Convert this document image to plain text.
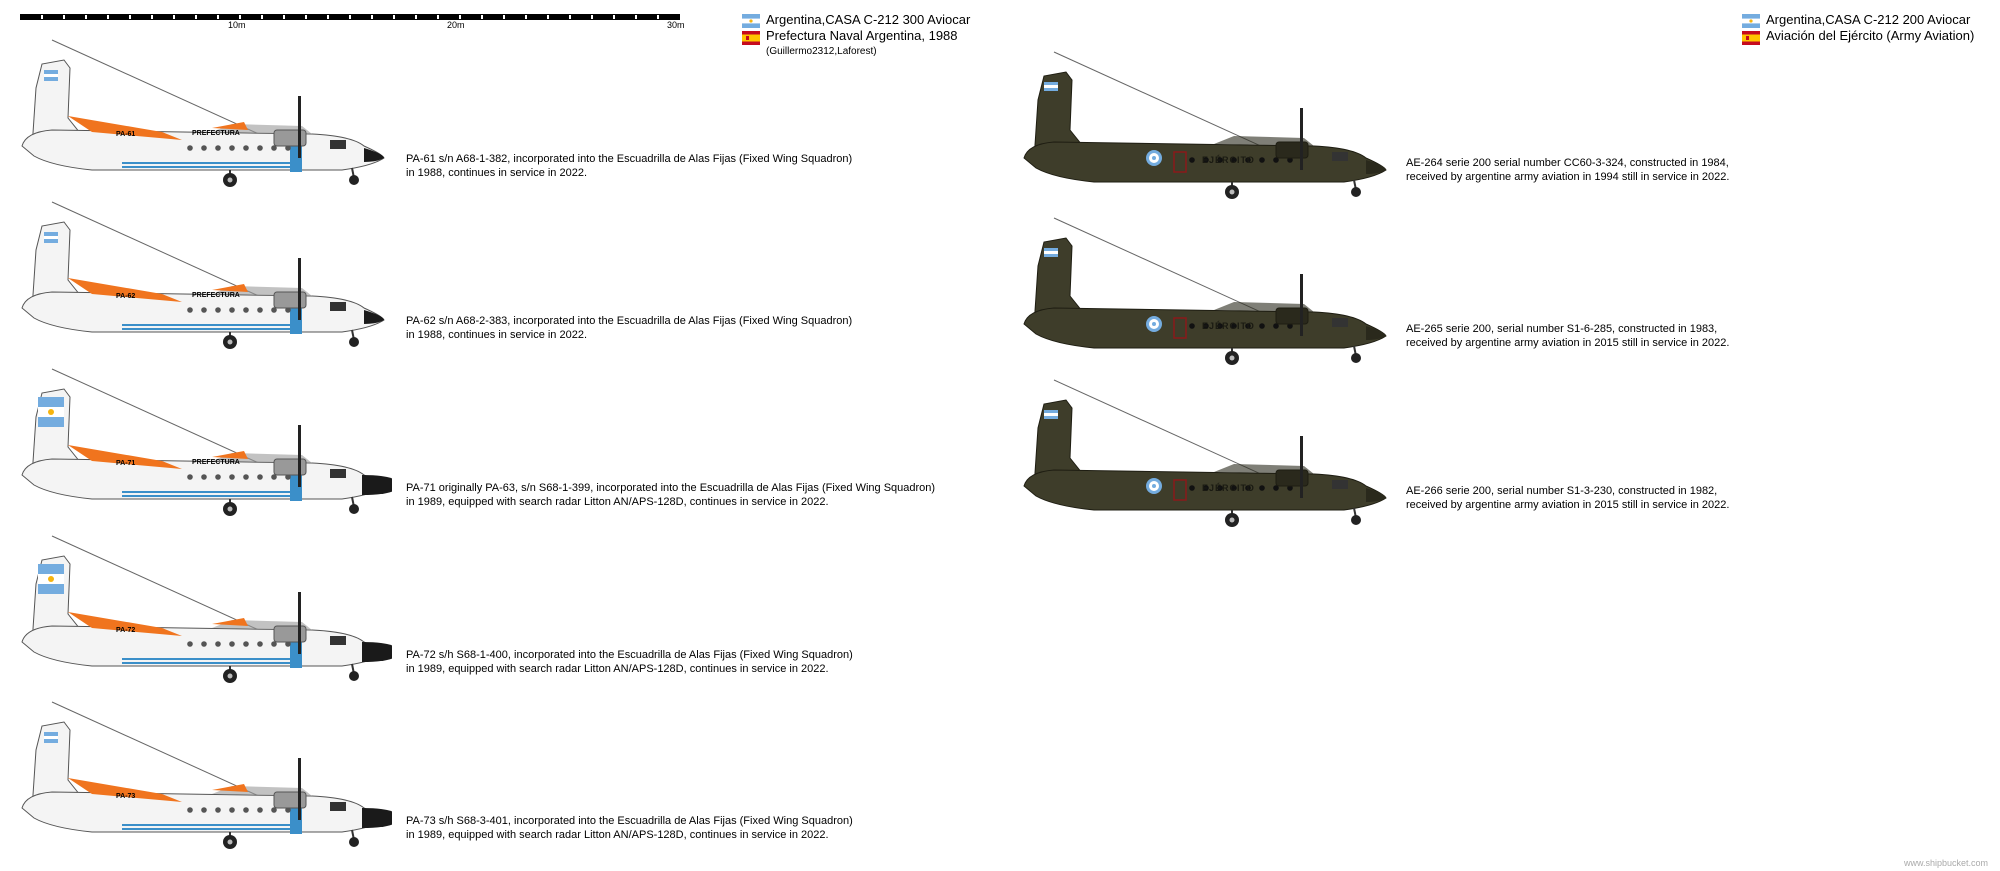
10m	20m	30m	Argentina,CASA C-212 300 Aviocar
Prefectura Naval Argentina, 1988
(Guillermo2312,Laforest)
Argentina,CASA C-212 200 Aviocar
Aviación del Ejército (Army Aviation)
PA-61	PREFECTURA
PA-61 s/n A68-1-382, incorporated into the Escuadrilla de Alas Fijas (Fixed Wing Squadron)
in 1988, continues in service in 2022.
PA-62	PREFECTURA
PA-62 s/n A68-2-383, incorporated into the Escuadrilla de Alas Fijas (Fixed Wing Squadron)
in 1988, continues in service in 2022.
PA-71	PREFECTURA
PA-71 originally PA-63, s/n S68-1-399, incorporated into the Escuadrilla de Alas Fijas (Fixed Wing Squadron)
in 1989, equipped with search radar Litton AN/APS-128D, continues in service in 2022.
PA-72
PA-72 s/h S68-1-400, incorporated into the Escuadrilla de Alas Fijas (Fixed Wing Squadron)
in 1989, equipped with search radar Litton AN/APS-128D, continues in service in 2022.
PA-73
PA-73 s/h S68-3-401, incorporated into the Escuadrilla de Alas Fijas (Fixed Wing Squadron)
in 1989, equipped with search radar Litton AN/APS-128D, continues in service in 2022.
EJÉRCITO	AE-264 serie 200 serial number CC60-3-324, constructed in 1984,
received by argentine army aviation in 1994 still in service in 2022.
EJÉRCITO	AE-265 serie 200, serial number S1-6-285, constructed in 1983,
received by argentine army aviation in 2015 still in service in 2022.
EJÉRCITO	AE-266 serie 200, serial number S1-3-230, constructed in 1982,
received by argentine army aviation in 2015 still in service in 2022.
www.shipbucket.com
